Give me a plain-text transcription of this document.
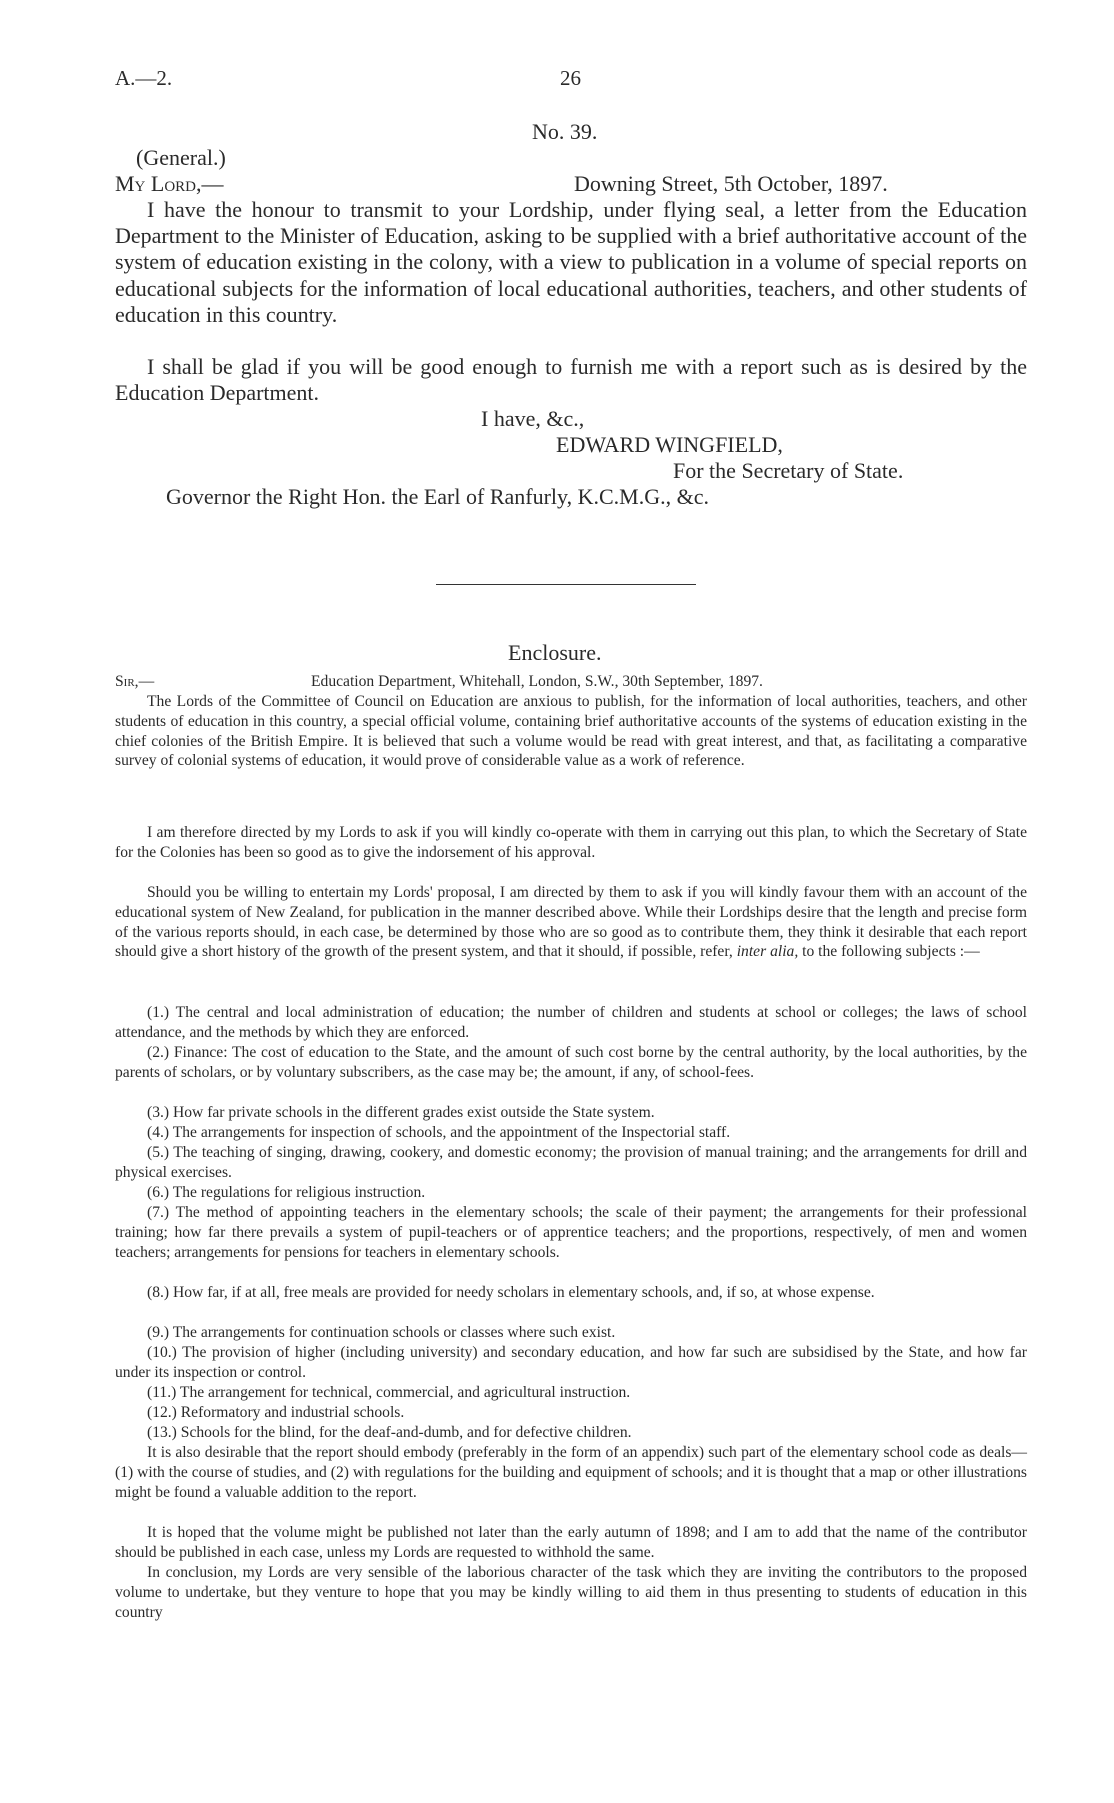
A.—2.	26
No. 39.
(General.)
My Lord,—	Downing Street, 5th October, 1897.
I have the honour to transmit to your Lordship, under flying seal, a letter from the Education Department to the Minister of Education, asking to be supplied with a brief authoritative account of the system of education existing in the colony, with a view to publication in a volume of special reports on educational subjects for the information of local educational authorities, teachers, and other students of education in this country.
I shall be glad if you will be good enough to furnish me with a report such as is desired by the Education Department.
I have, &c.,
EDWARD WINGFIELD,
For the Secretary of State.
Governor the Right Hon. the Earl of Ranfurly, K.C.M.G., &c.
Enclosure.
Sir,—	Education Department, Whitehall, London, S.W., 30th September, 1897.
The Lords of the Committee of Council on Education are anxious to publish, for the information of local authorities, teachers, and other students of education in this country, a special official volume, containing brief authoritative accounts of the systems of education existing in the chief colonies of the British Empire. It is believed that such a volume would be read with great interest, and that, as facilitating a comparative survey of colonial systems of education, it would prove of considerable value as a work of reference.
I am therefore directed by my Lords to ask if you will kindly co-operate with them in carrying out this plan, to which the Secretary of State for the Colonies has been so good as to give the indorsement of his approval.
Should you be willing to entertain my Lords' proposal, I am directed by them to ask if you will kindly favour them with an account of the educational system of New Zealand, for publication in the manner described above. While their Lordships desire that the length and precise form of the various reports should, in each case, be determined by those who are so good as to contribute them, they think it desirable that each report should give a short history of the growth of the present system, and that it should, if possible, refer, inter alia, to the following subjects :—
(1.) The central and local administration of education; the number of children and students at school or colleges; the laws of school attendance, and the methods by which they are enforced.
(2.) Finance: The cost of education to the State, and the amount of such cost borne by the central authority, by the local authorities, by the parents of scholars, or by voluntary subscribers, as the case may be; the amount, if any, of school-fees.
(3.) How far private schools in the different grades exist outside the State system.
(4.) The arrangements for inspection of schools, and the appointment of the Inspectorial staff.
(5.) The teaching of singing, drawing, cookery, and domestic economy; the provision of manual training; and the arrangements for drill and physical exercises.
(6.) The regulations for religious instruction.
(7.) The method of appointing teachers in the elementary schools; the scale of their payment; the arrangements for their professional training; how far there prevails a system of pupil-teachers or of apprentice teachers; and the proportions, respectively, of men and women teachers; arrangements for pensions for teachers in elementary schools.
(8.) How far, if at all, free meals are provided for needy scholars in elementary schools, and, if so, at whose expense.
(9.) The arrangements for continuation schools or classes where such exist.
(10.) The provision of higher (including university) and secondary education, and how far such are subsidised by the State, and how far under its inspection or control.
(11.) The arrangement for technical, commercial, and agricultural instruction.
(12.) Reformatory and industrial schools.
(13.) Schools for the blind, for the deaf-and-dumb, and for defective children.
It is also desirable that the report should embody (preferably in the form of an appendix) such part of the elementary school code as deals—(1) with the course of studies, and (2) with regulations for the building and equipment of schools; and it is thought that a map or other illustrations might be found a valuable addition to the report.
It is hoped that the volume might be published not later than the early autumn of 1898; and I am to add that the name of the contributor should be published in each case, unless my Lords are requested to withhold the same.
In conclusion, my Lords are very sensible of the laborious character of the task which they are inviting the contributors to the proposed volume to undertake, but they venture to hope that you may be kindly willing to aid them in thus presenting to students of education in this country
